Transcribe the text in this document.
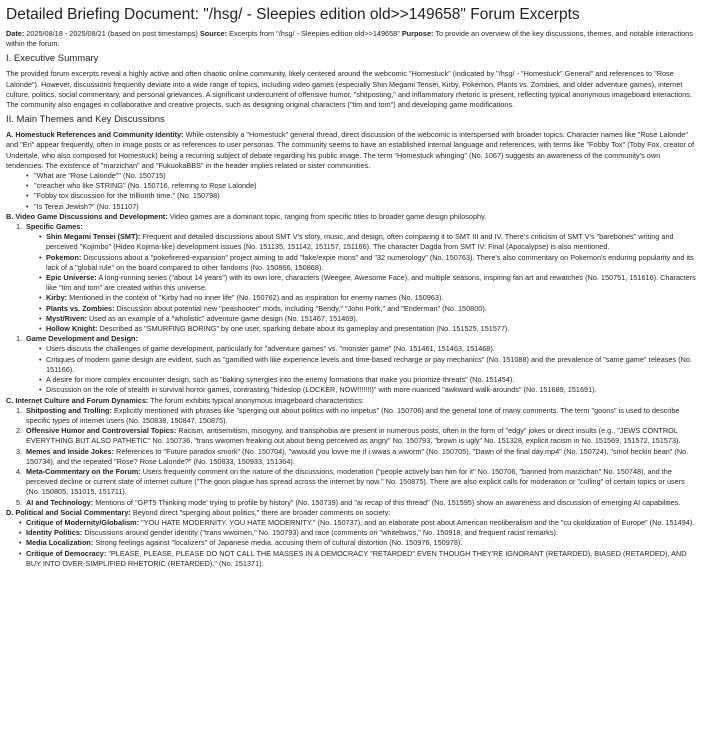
Detailed Briefing Document: "/hsg/ - Sleepies edition old>>149658" Forum Excerpts

Date: 2025/08/18 - 2025/08/21 (based on post timestamps) Source: Excerpts from "/hsg/ - Sleepies edition old>>149658" Purpose: To provide an overview of the key discussions, themes, and notable interactions within the forum.

I. Executive Summary

The provided forum excerpts reveal a highly active and often chaotic online community, likely centered around the webcomic "Homestuck" (indicated by "/hsg/ - "Homestuck" General" and references to "Rose Lalonde"). However, discussions frequently deviate into a wide range of topics, including video games (especially Shin Megami Tensei, Kirby, Pokemon, Plants vs. Zombies, and older adventure games), internet culture, politics, social commentary, and personal grievances. A significant undercurrent of offensive humor, "shitposting," and inflammatory rhetoric is present, reflecting typical anonymous imageboard interactions. The community also engages in collaborative and creative projects, such as designing original characters ("tim and tom") and developing game modifications.

II. Main Themes and Key Discussions

A. Homestuck References and Community Identity: While ostensibly a "Homestuck" general thread, direct discussion of the webcomic is interspersed with broader topics. Character names like "Rose Lalonde" and "Eri" appear frequently, often in image posts or as references to user personas. The community seems to have an established internal language and references, with terms like "Fobby Tox" (Toby Fox, creator of Undertale, who also composed for Homestuck) being a recurring subject of debate regarding his public image. The term "Homestuck whinging" (No. 1067) suggests an awareness of the community's own tendencies. The existence of "marzichan" and "FukuokaBBS" in the header implies related or sister communities.

• "What are "Rose Lalonde"" (No. 150715)
• "creacher who like STRING" (No. 150716, referring to Rose Lalonde)
• "Fobby tox discussion for the trillionth time." (No. 150798)
• "Is Terezi Jewish?" (No. 151107)

B. Video Game Discussions and Development: Video games are a dominant topic, ranging from specific titles to broader game design philosophy.

1. Specific Games:
• Shin Megami Tensei (SMT): Frequent and detailed discussions about SMT V's story, music, and design, often comparing it to SMT III and IV. There's criticism of SMT V's "barebones" writing and perceived "Kojimbo" (Hideo Kojima-like) development issues (No. 151135, 151142, 151157, 151166). The character Dagda from SMT IV: Final (Apocalypse) is also mentioned.
• Pokemon: Discussions about a "pokefirered-expansion" project aiming to add "fake/expie mons" and "32 numerology" (No. 150763). There's also commentary on Pokemon's enduring popularity and its lack of a "global rule" on the board compared to other fandoms (No. 150866, 150868).
• Epic Universe: A long-running series ("about 14 years") with its own lore, characters (Weegee, Awesome Face), and multiple seasons, inspiring fan art and rewatches (No. 150751, 151616). Characters like "tim and tom" are created within this universe.
• Kirby: Mentioned in the context of "Kirby had no inner life" (No. 150762) and as inspiration for enemy names (No. 150963).
• Plants vs. Zombies: Discussion about potential new "peashooter" mods, including "Bendy," "John Pork," and "Enderman" (No. 150800).
• Myst/Riven: Used as an example of a "wholistic" adventure game design (No. 151467, 151469).
• Hollow Knight: Described as "SMURFING BORING" by one user, sparking debate about its gameplay and presentation (No. 151525, 151577).
1. Game Development and Design:
• Users discuss the challenges of game development, particularly for "adventure games" vs. "monster game" (No. 151461, 151463, 151468).
• Critiques of modern game design are evident, such as "gamified with like experience levels and time-based recharge or pay mechanics" (No. 151088) and the prevalence of "same game" releases (No. 151166).
• A desire for more complex encounter design, such as "baking synergies into the enemy formations that make you prioritize threats" (No. 151454).
• Discussion on the role of stealth in survival horror games, contrasting "hideslop (LOCKER, NOW!!!!!!!)" with more nuanced "awkward walk-arounds" (No. 151689, 151691).

C. Internet Culture and Forum Dynamics: The forum exhibits typical anonymous imageboard characteristics:

1. Shitposting and Trolling: Explicitly mentioned with phrases like "sperging out about politics with no impetus" (No. 150706) and the general tone of many comments. The term "goons" is used to describe specific types of internet users (No. 150838, 150847, 150875).
2. Offensive Humor and Controversial Topics: Racism, antisemitism, misogyny, and transphobia are present in numerous posts, often in the form of "edgy" jokes or direct insults (e.g., "JEWS CONTROL EVERYTHING BUT ALSO PATHETIC" No. 150736, "trans wwomen freaking out about being perceived as angry" No. 150793, "brown is ugly" No. 151328, explicit racism in No. 151569, 151572, 151573).
3. Memes and Inside Jokes: References to "Future paradox smork" (No. 150704), "wwould you lovve me if i wwas a wworm" (No. 150705), "Dawn of the final day.mp4" (No. 150724), "smol heckin bean" (No. 150734), and the repeated "Rose? Rose Lalonde?" (No. 150833, 150933, 151364).
4. Meta-Commentary on the Forum: Users frequently comment on the nature of the discussions, moderation ("people actively ban him for it" No. 150706, "banned from marzichan" No. 150748), and the perceived decline or current state of internet culture ("The goon plague has spread across the internet by now." No. 150875). There are also explicit calls for moderation or "culling" of certain topics or users (No. 150805, 151015, 151711).
5. AI and Technology: Mentions of "GPT5 Thinking mode' trying to profile by history" (No. 150739) and "ai recap of this thread" (No. 151595) show an awareness and discussion of emerging AI capabilities.

D. Political and Social Commentary: Beyond direct "sperging about politics," there are broader comments on society:

• Critique of Modernity/Globalism: "YOU HATE MODERNITY. YOU HATE MODERNITY." (No. 150737), and an elaborate post about American neoliberalism and the "cu ckoldization of Europe" (No. 151494).
• Identity Politics: Discussions around gender identity ("trans wwomen," No. 150793) and race (comments on "whitebwos," No. 150918, and frequent racist remarks).
• Media Localization: Strong feelings against "localizers" of Japanese media, accusing them of cultural distortion (No. 150976, 150978).
• Critique of Democracy: "PLEASE, PLEASE, PLEASE DO NOT CALL THE MASSES IN A DEMOCRACY "RETARDED" EVEN THOUGH THEY'RE IGNORANT (RETARDED), BIASED (RETARDED), AND BUY INTO OVER-SIMPLIFIED RHETORIC (RETARDED)." (No. 151371).
